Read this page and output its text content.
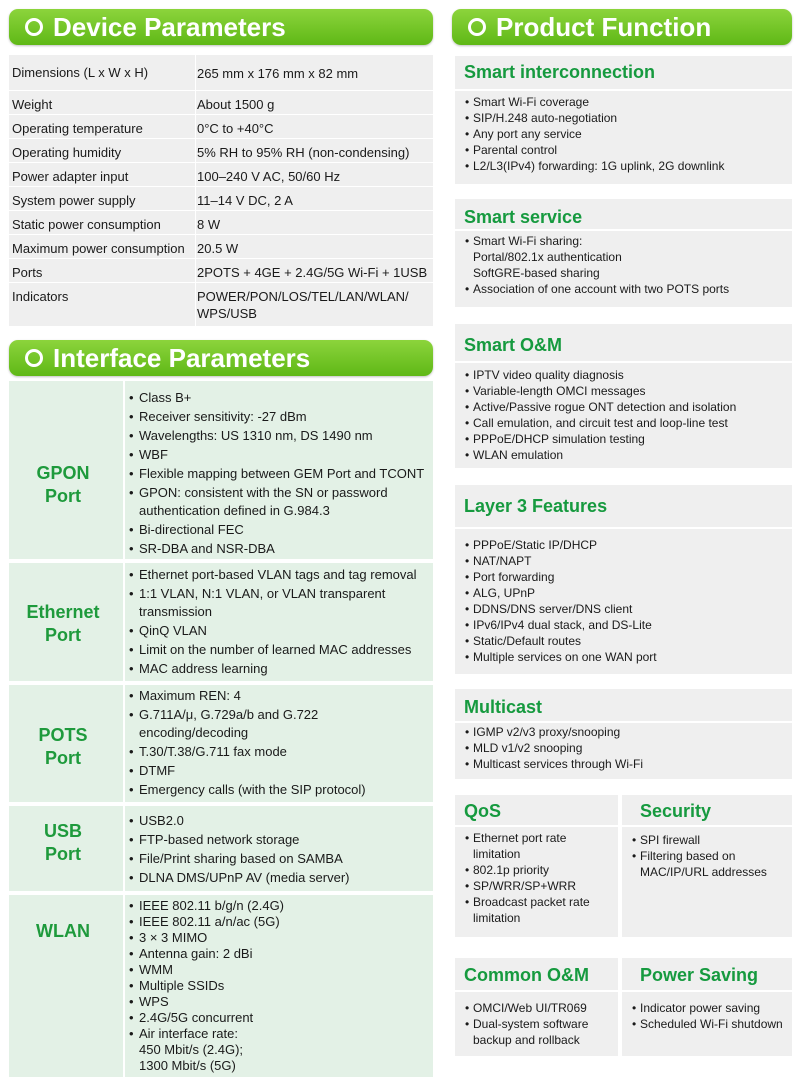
Device Parameters
Dimensions (L x W x H)	265 mm x 176 mm x 82 mm
Weight	About 1500 g
Operating temperature	0°C to +40°C
Operating humidity	5% RH to 95% RH (non-condensing)
Power adapter input	100–240 V AC, 50/60 Hz
System power supply	11–14 V DC, 2 A
Static power consumption	8 W
Maximum power consumption 20.5 W
Ports	2POTS + 4GE + 2.4G/5G Wi-Fi + 1USB
Indicators	POWER/PON/LOS/TEL/LAN/WLAN/ WPS/USB
Interface Parameters
GPON
Port
• Class B+
• Receiver sensitivity: -27 dBm
• Wavelengths: US 1310 nm, DS 1490 nm
• WBF
• Flexible mapping between GEM Port and TCONT
• GPON: consistent with the SN or password
authentication defined in G.984.3
• Bi-directional FEC
• SR-DBA and NSR-DBA
Ethernet
Port
• Ethernet port-based VLAN tags and tag removal
• 1:1 VLAN, N:1 VLAN, or VLAN transparent
transmission
• QinQ VLAN
• Limit on the number of learned MAC addresses
• MAC address learning
POTS
Port
• Maximum REN: 4
• G.711A/μ, G.729a/b and G.722
encoding/decoding
• T.30/T.38/G.711 fax mode
• DTMF
• Emergency calls (with the SIP protocol)
USB
Port
• USB2.0
• FTP-based network storage
• File/Print sharing based on SAMBA
• DLNA DMS/UPnP AV (media server)
WLAN
• IEEE 802.11 b/g/n (2.4G)
• IEEE 802.11 a/n/ac (5G)
• 3 × 3 MIMO
• Antenna gain: 2 dBi
• WMM
• Multiple SSIDs
• WPS
• 2.4G/5G concurrent
• Air interface rate:
450 Mbit/s (2.4G);
1300 Mbit/s (5G)
Product Function
Smart interconnection
• Smart Wi-Fi coverage
• SIP/H.248 auto-negotiation
• Any port any service
• Parental control
• L2/L3(IPv4) forwarding: 1G uplink, 2G downlink
Smart service
• Smart Wi-Fi sharing:
Portal/802.1x authentication
SoftGRE-based sharing
• Association of one account with two POTS ports
Smart O&M
• IPTV video quality diagnosis
• Variable-length OMCI messages
• Active/Passive rogue ONT detection and isolation
• Call emulation, and circuit test and loop-line test
• PPPoE/DHCP simulation testing
• WLAN emulation
Layer 3 Features
• PPPoE/Static IP/DHCP
• NAT/NAPT
• Port forwarding
• ALG, UPnP
• DDNS/DNS server/DNS client
• IPv6/IPv4 dual stack, and DS-Lite
• Static/Default routes
• Multiple services on one WAN port
Multicast
• IGMP v2/v3 proxy/snooping
• MLD v1/v2 snooping
• Multicast services through Wi-Fi
QoS
• Ethernet port rate
limitation
• 802.1p priority
• SP/WRR/SP+WRR
• Broadcast packet rate
limitation
Security
• SPI firewall
• Filtering based on
MAC/IP/URL addresses
Common O&M
• OMCI/Web UI/TR069
• Dual-system software
backup and rollback
Power Saving
• Indicator power saving
• Scheduled Wi-Fi shutdown
